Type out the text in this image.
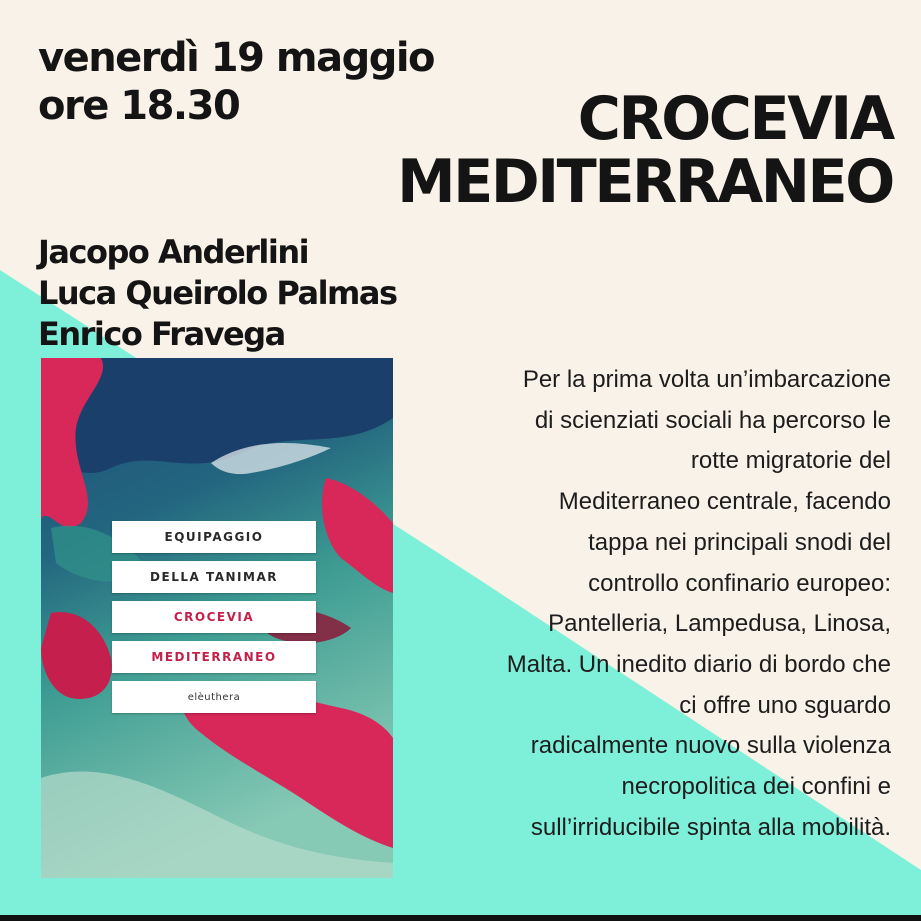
venerdì 19 maggio
ore 18.30	CROCEVIA
MEDITERRANEO
Jacopo Anderlini
Luca Queirolo Palmas
Enrico Fravega
EQUIPAGGIO
DELLA TANIMAR
CROCEVIA
MEDITERRANEO
elèuthera
Per la prima volta un’imbarcazione
di scienziati sociali ha percorso le
rotte migratorie del
Mediterraneo centrale, facendo
tappa nei principali snodi del
controllo confinario europeo:
Pantelleria, Lampedusa, Linosa,
Malta. Un inedito diario di bordo che
ci offre uno sguardo
radicalmente nuovo sulla violenza
necropolitica dei confini e
sull’irriducibile spinta alla mobilità.
